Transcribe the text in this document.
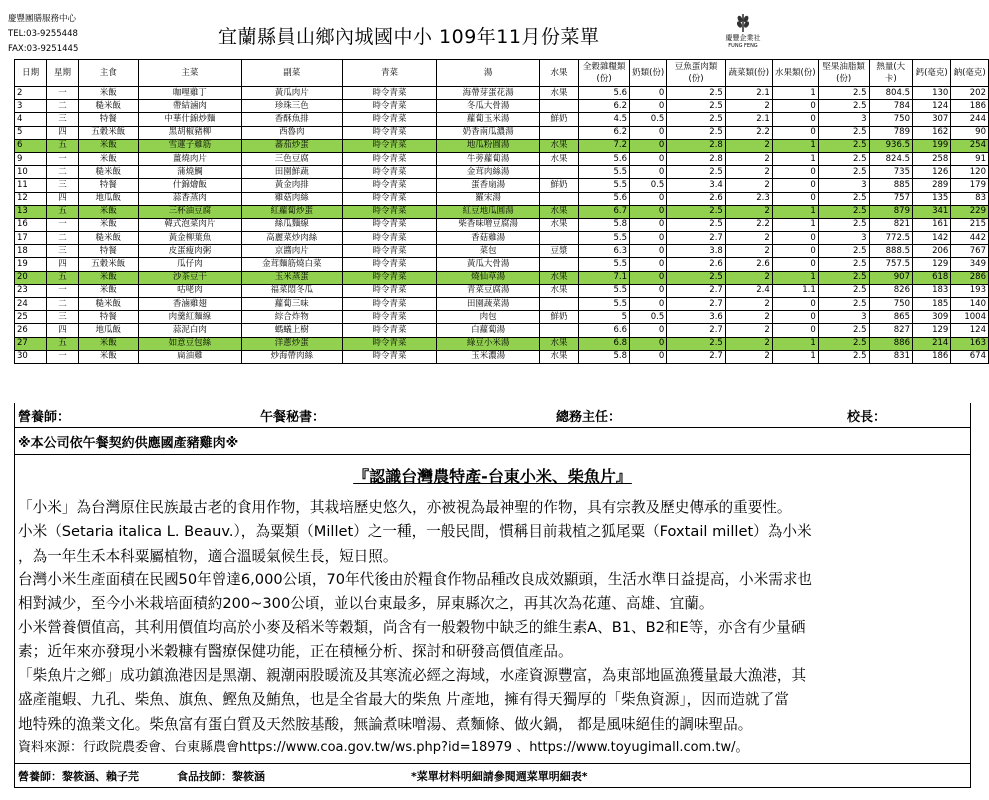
慶豐團膳服務中心
TEL:03-9255448
FAX:03-9251445
宜蘭縣員山鄉內城國中小 109年11月份菜單	慶豐企業社
FUNG FENG
日期	星期	主食	主菜	副菜	青菜	湯	水果	全穀雜糧類(份)	奶類(份)	豆魚蛋肉類(份)	蔬菜類(份)	水果類(份)	堅果油脂類(份)	熱量(大卡)	鈣(毫克)	鈉(毫克)
2	一	米飯	咖哩雞丁	黃瓜肉片	時令青菜	海帶芽蛋花湯	水果	5.6	0	2.5	2.1	1	2.5	804.5	130	202
3	二	糙米飯	帶結滷肉	珍珠三色	時令青菜	冬瓜大骨湯		6.2	0	2.5	2	0	2.5	784	124	186
4	三	特餐	中華什錦炒麵	香酥魚排	時令青菜	蘿蔔玉米湯	鮮奶	4.5	0.5	2.5	2.1	0	3	750	307	244
5	四	五穀米飯	黑胡椒豬柳	西魯肉	時令青菜	奶香南瓜濃湯		6.2	0	2.5	2.2	0	2.5	789	162	90
6	五	米飯	雪蓮子雞筋	蕃茄炒蛋	時令青菜	地瓜粉圓湯	水果	7.2	0	2.8	2	1	2.5	936.5	199	254
9	一	米飯	薑燒肉片	三色豆腐	時令青菜	牛蒡蘿蔔湯	水果	5.6	0	2.8	2	1	2.5	824.5	258	91
10	二	糙米飯	蒲燒鯛	田園鮮蔬	時令青菜	金茸肉絲湯		5.5	0	2.5	2	0	2.5	735	126	120
11	三	特餐	什錦燴飯	黃金肉排	時令青菜	蛋香扇湯	鮮奶	5.5	0.5	3.4	2	0	3	885	289	179
12	四	地瓜飯	蒜香蒸肉	雞菇肉絲	時令青菜	羅宋湯		5.6	0	2.6	2.3	0	2.5	757	135	83
13	五	米飯	三杯油豆腐	紅蘿蔔炒蛋	時令青菜	紅豆地瓜圓湯	水果	6.7	0	2.5	2	1	2.5	879	341	229
16	一	米飯	韓式泡菜肉片	絲瓜麵線	時令青菜	柴香味噌豆腐湯	水果	5.8	0	2.5	2.2	1	2.5	821	161	215
17	二	糙米飯	黃金柳葉魚	高麗菜炒肉絲	時令青菜	香菇雞湯		5.5	0	2.7	2	0	3	772.5	142	442
18	三	特餐	皮蛋瘦肉粥	京醬肉片	時令青菜	菜包	豆漿	6.3	0	3.8	2	0	2.5	888.5	206	767
19	四	五穀米飯	瓜仔肉	金茸麵筋燒白菜	時令青菜	黃瓜大骨湯		5.5	0	2.6	2.6	0	2.5	757.5	129	349
20	五	米飯	沙茶豆干	玉米蒸蛋	時令青菜	燒仙草湯	水果	7.1	0	2.5	2	1	2.5	907	618	286
23	一	米飯	咕咾肉	福菜悶冬瓜	時令青菜	青菜豆腐湯	水果	5.5	0	2.7	2.4	1.1	2.5	826	183	193
24	二	糙米飯	香滷雞翅	蘿蔔三味	時令青菜	田園蔬菜湯		5.5	0	2.7	2	0	2.5	750	185	140
25	三	特餐	肉羹紅麵線	綜合炸物	時令青菜	肉包	鮮奶	5	0.5	3.6	2	0	3	865	309	1004
26	四	地瓜飯	蒜泥白肉	螞蟻上樹	時令青菜	白蘿蔔湯		6.6	0	2.7	2	0	2.5	827	129	124
27	五	米飯	如意豆包絲	洋蔥炒蛋	時令青菜	綠豆小米湯	水果	6.8	0	2.5	2	1	2.5	886	214	163
30	一	米飯	扁油雞	炒海帶肉絲	時令青菜	玉米濃湯	水果	5.8	0	2.7	2	1	2.5	831	186	674
營養師：	午餐秘書：	總務主任：	校長：
※本公司依午餐契約供應國產豬雞肉※
『認識台灣農特產-台東小米、柴魚片』
「小米」為台灣原住民族最古老的食用作物，其栽培歷史悠久，亦被視為最神聖的作物，具有宗教及歷史傳承的重要性。
小米（Setaria italica L. Beauv.），為粟類（Millet）之一種，一般民間，慣稱目前栽植之狐尾粟（Foxtail millet）為小米
，為一年生禾本科粟屬植物，適合溫暖氣候生長，短日照。
台灣小米生產面積在民國50年曾達6,000公頃，70年代後由於糧食作物品種改良成效顯頭，生活水準日益提高，小米需求也
相對減少，至今小米栽培面積約200~300公頃，並以台東最多，屏東縣次之，再其次為花蓮、高雄、宜蘭。
小米營養價值高，其利用價值均高於小麥及稻米等穀類，尚含有一般穀物中缺乏的維生素A、B1、B2和E等，亦含有少量硒
素；近年來亦發現小米穀糠有醫療保健功能，正在積極分析、探討和研發高價值產品。
「柴魚片之鄉」成功鎮漁港因是黑潮、親潮兩股暖流及其寒流必經之海域，水產資源豐富，為東部地區漁獲量最大漁港，其
盛產龍蝦、九孔、柴魚、旗魚、鰹魚及鮪魚，也是全省最大的柴魚 片產地，擁有得天獨厚的「柴魚資源」，因而造就了當
地特殊的漁業文化。柴魚富有蛋白質及天然胺基酸，無論煮味噌湯、煮麵條、做火鍋， 都是風味絕佳的調味聖品。
資料來源：行政院農委會、台東縣農會https://www.coa.gov.tw/ws.php?id=18979 、https://www.toyugimall.com.tw/。
營養師：黎筱涵、賴子芫	食品技師：黎筱涵	*菜單材料明細請參閱週菜單明細表*
